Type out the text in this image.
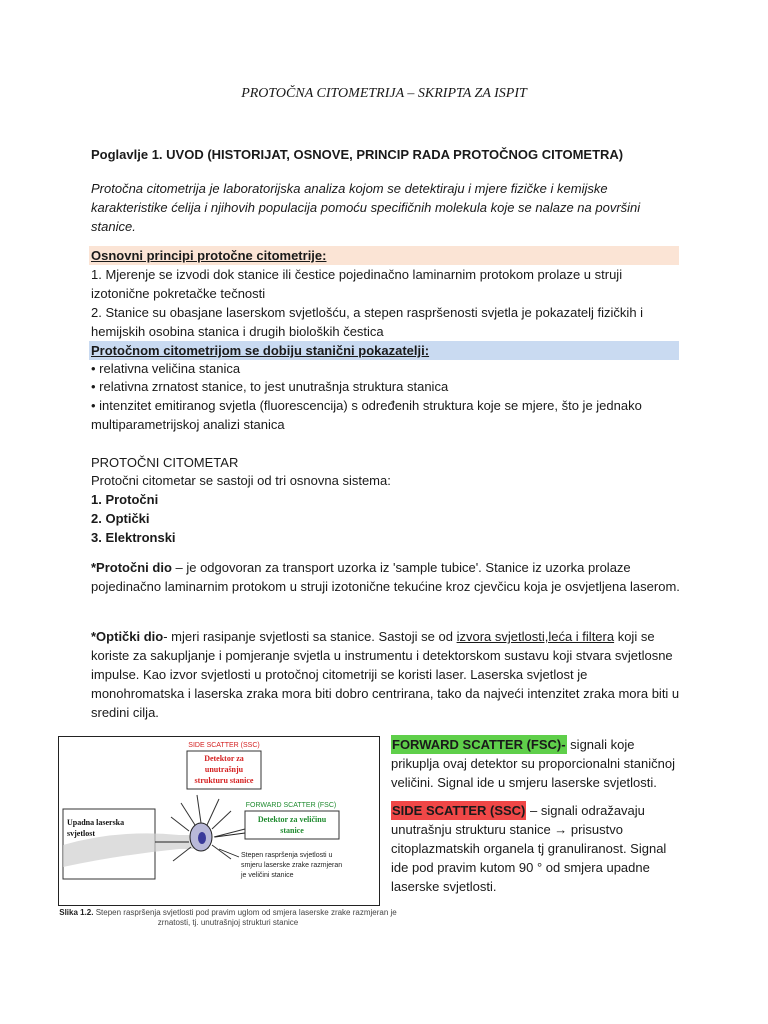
PROTOČNA CITOMETRIJA – SKRIPTA ZA ISPIT

Poglavlje 1. UVOD (HISTORIJAT, OSNOVE, PRINCIP RADA PROTOČNOG CITOMETRA)

Protočna citometrija je laboratorijska analiza kojom se detektiraju i mjere fizičke i kemijske karakteristike ćelija i njihovih populacija pomoću specifičnih molekula koje se nalaze na površini stanice.

Osnovni principi protočne citometrije:

1. Mjerenje se izvodi dok stanice ili čestice pojedinačno laminarnim protokom prolaze u struji izotonične pokretačke tečnosti

2. Stanice su obasjane laserskom svjetlošću, a stepen raspršenosti svjetla je pokazatelj fizičkih i hemijskih osobina stanica i drugih bioloških čestica

Protočnom citometrijom se dobiju stanični pokazatelji:

• relativna veličina stanica

• relativna zrnatost stanice, to jest unutrašnja struktura stanica

• intenzitet emitiranog svjetla (fluorescencija) s određenih struktura koje se mjere, što je jednako multiparametrijskoj analizi stanica

PROTOČNI CITOMETAR

Protočni citometar se sastoji od tri osnovna sistema:

1. Protočni

2. Optički

3. Elektronski

*Protočni dio – je odgovoran za transport uzorka iz 'sample tubice'. Stanice iz uzorka prolaze pojedinačno laminarnim protokom u struji izotonične tekućine kroz cjevčicu koja je osvjetljena laserom.

*Optički dio- mjeri rasipanje svjetlosti sa stanice. Sastoji se od izvora svjetlosti,leća i filtera koji se koriste za sakupljanje i pomjeranje svjetla u instrumentu i detektorskom sustavu koji stvara svjetlosne impulse. Kao izvor svjetlosti u protočnoj citometriji se koristi laser. Laserska svjetlost je monohromatska i laserska zraka mora biti dobro centrirana, tako da najveći intenzitet zraka mora biti u sredini cilja.

SIDE SCATTER (SSC)
Detektor za
unutrašnju
strukturu stanice
FORWARD SCATTER (FSC)
Detektor za veličinu
stanice
Upadna laserska
svjetlost
Stepen raspršenja svjetlosti u
smjeru laserske zrake razmjeran
je veličini stanice
Slika 1.2. Stepen raspršenja svjetlosti pod pravim uglom od smjera laserske zrake razmjeran je zrnatosti, tj. unutrašnjoj strukturi stanice

FORWARD SCATTER (FSC)- signali koje prikuplja ovaj detektor su proporcionalni staničnoj veličini. Signal ide u smjeru laserske svjetlosti.

SIDE SCATTER (SSC) – signali odražavaju unutrašnju strukturu stanice → prisustvo citoplazmatskih organela tj granuliranost. Signal ide pod pravim kutom 90 ° od smjera upadne laserske svjetlosti.
